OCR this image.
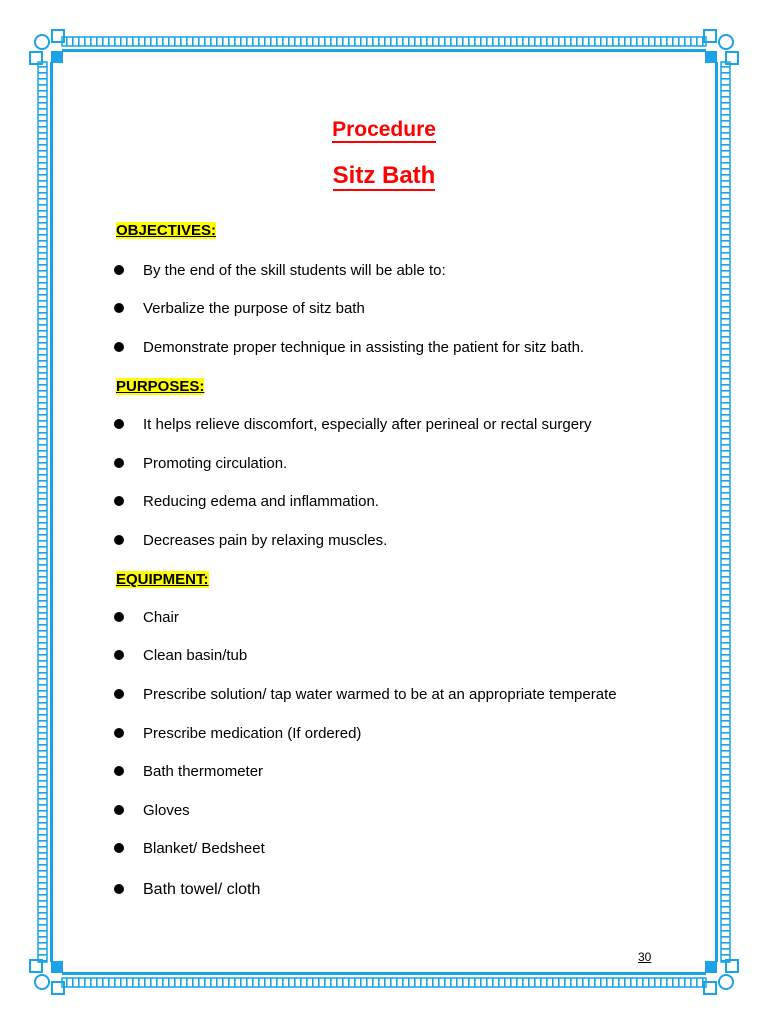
Procedure
Sitz Bath
OBJECTIVES:
By the end of the skill students will be able to:
Verbalize the purpose of sitz bath
Demonstrate proper technique in assisting the patient for sitz bath.
PURPOSES:
It helps relieve discomfort, especially after perineal or rectal surgery
Promoting circulation.
Reducing edema and inflammation.
Decreases pain by relaxing muscles.
EQUIPMENT:
Chair
Clean basin/tub
Prescribe solution/ tap water warmed to be at an appropriate temperate
Prescribe medication (If ordered)
Bath thermometer
Gloves
Blanket/ Bedsheet
Bath towel/ cloth
30
